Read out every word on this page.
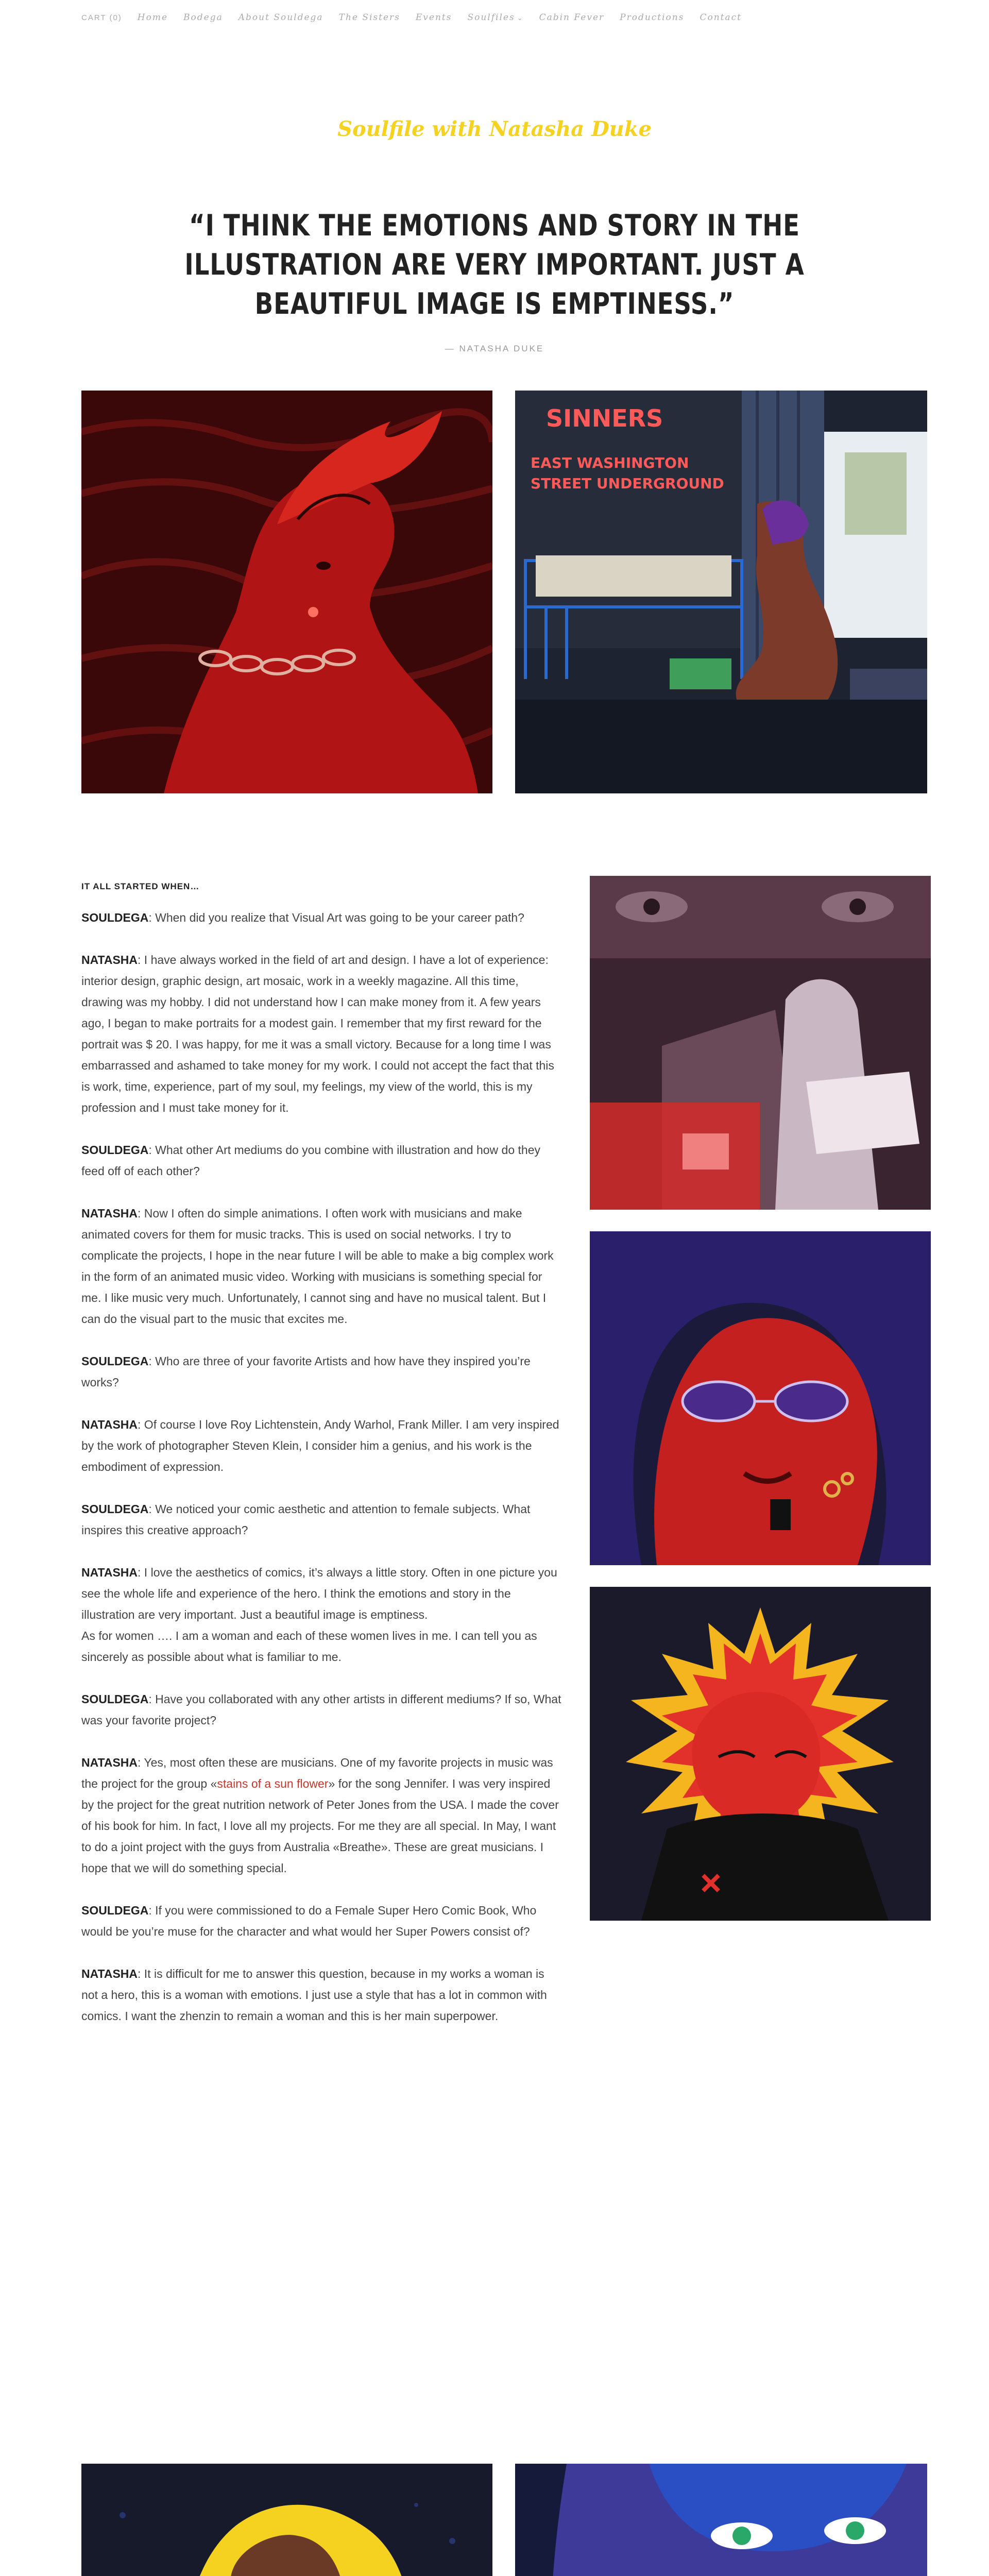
CART (0) Home Bodega About Souldega The Sisters Events Soulfiles ⌄ Cabin Fever Productions Contact
Soulfile with Natasha Duke
“I THINK THE EMOTIONS AND STORY IN THE ILLUSTRATION ARE VERY IMPORTANT. JUST A BEAUTIFUL IMAGE IS EMPTINESS.”
— NATASHA DUKE
SINNERS
EAST WASHINGTON
STREET UNDERGROUND
IT ALL STARTED WHEN…

SOULDEGA: When did you realize that Visual Art was going to be your career path?

NATASHA: I have always worked in the field of art and design. I have a lot of experience: interior design, graphic design, art mosaic, work in a weekly magazine. All this time, drawing was my hobby. I did not understand how I can make money from it. A few years ago, I began to make portraits for a modest gain. I remember that my first reward for the portrait was $ 20. I was happy, for me it was a small victory. Because for a long time I was embarrassed and ashamed to take money for my work. I could not accept the fact that this is work, time, experience, part of my soul, my feelings, my view of the world, this is my profession and I must take money for it.

SOULDEGA: What other Art mediums do you combine with illustration and how do they feed off of each other?

NATASHA: Now I often do simple animations. I often work with musicians and make animated covers for them for music tracks. This is used on social networks. I try to complicate the projects, I hope in the near future I will be able to make a big complex work in the form of an animated music video. Working with musicians is something special for me. I like music very much. Unfortunately, I cannot sing and have no musical talent. But I can do the visual part to the music that excites me.

SOULDEGA: Who are three of your favorite Artists and how have they inspired you’re works?

NATASHA: Of course I love Roy Lichtenstein, Andy Warhol, Frank Miller. I am very inspired by the work of photographer Steven Klein, I consider him a genius, and his work is the embodiment of expression.

SOULDEGA: We noticed your comic aesthetic and attention to female subjects. What inspires this creative approach?

NATASHA: I love the aesthetics of comics, it’s always a little story. Often in one picture you see the whole life and experience of the hero. I think the emotions and story in the illustration are very important. Just a beautiful image is emptiness.

As for women …. I am a woman and each of these women lives in me. I can tell you as sincerely as possible about what is familiar to me.

SOULDEGA: Have you collaborated with any other artists in different mediums? If so, What was your favorite project?

NATASHA: Yes, most often these are musicians. One of my favorite projects in music was the project for the group «stains of a sun flower» for the song Jennifer. I was very inspired by the project for the great nutrition network of Peter Jones from the USA. I made the cover of his book for him. In fact, I love all my projects. For me they are all special. In May, I want to do a joint project with the guys from Australia «Breathe». These are great musicians. I hope that we will do something special.

SOULDEGA: If you were commissioned to do a Female Super Hero Comic Book, Who would be you’re muse for the character and what would her Super Powers consist of?

NATASHA: It is difficult for me to answer this question, because in my works a woman is not a hero, this is a woman with emotions. I just use a style that has a lot in common with comics. I want the zhenzin to remain a woman and this is her main superpower.
